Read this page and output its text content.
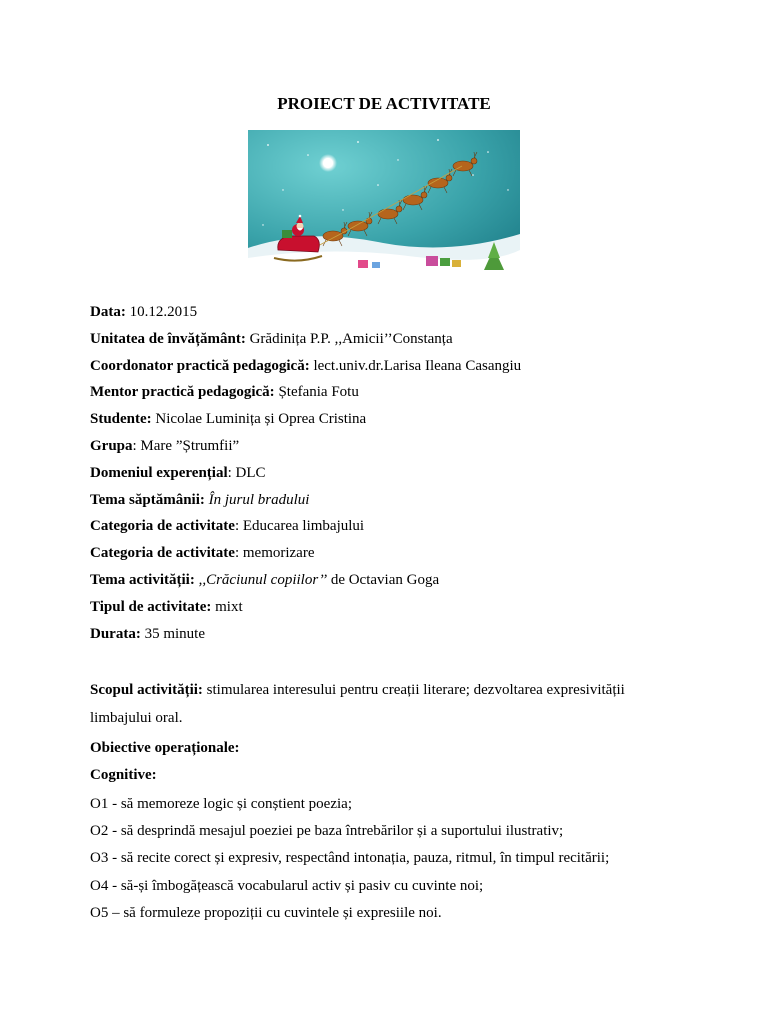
PROIECT DE ACTIVITATE
Data: 10.12.2015
Unitatea de învățământ: Grădinița P.P. ,,Amicii’’Constanța
Coordonator practică pedagogică: lect.univ.dr.Larisa Ileana Casangiu
Mentor practică pedagogică: Ștefania Fotu
Studente: Nicolae Luminița și Oprea Cristina
Grupa: Mare ”Ștrumfii”
Domeniul experențial: DLC
Tema săptămânii: În jurul bradului
Categoria de activitate: Educarea limbajului
Categoria de activitate: memorizare
Tema activității: ,,Crăciunul copiilor’’ de Octavian Goga
Tipul de activitate: mixt
Durata: 35 minute
Scopul activității: stimularea interesului pentru creații literare; dezvoltarea expresivității
limbajului oral.
Obiective operaționale:
Cognitive:
O1 - să memoreze logic și conștient poezia;
O2 - să desprindă mesajul poeziei pe baza întrebărilor și a suportului ilustrativ;
O3 - să recite corect și expresiv, respectând intonația, pauza, ritmul, în timpul recitării;
O4 - să-și îmbogățească vocabularul activ și pasiv cu cuvinte noi;
O5 – să formuleze propoziții cu cuvintele și expresiile noi.
